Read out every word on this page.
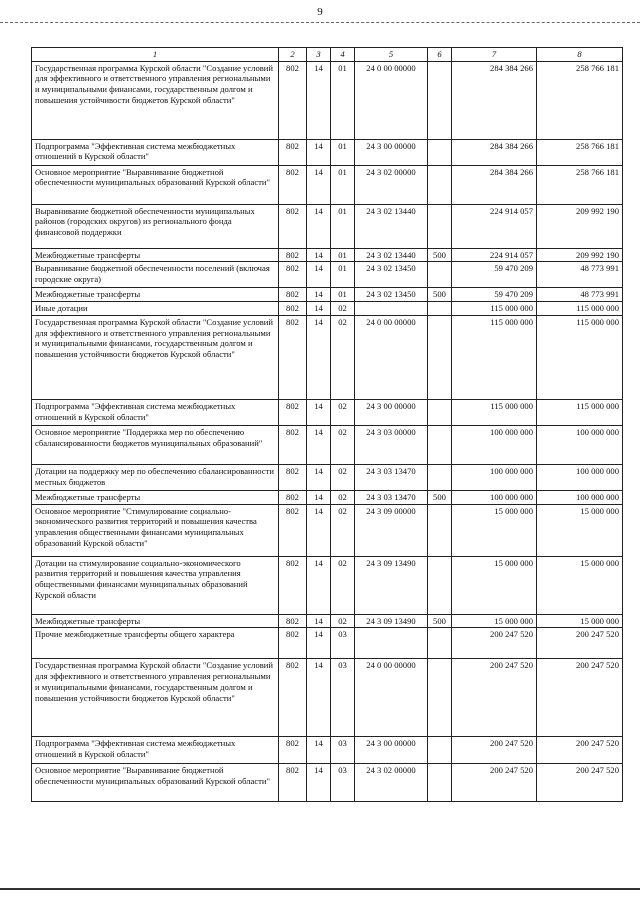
9
1	2	3	4	5	6	7	8
Государственная программа Курской области "Создание условий для эффективного и ответственного управления региональными и муниципальными финансами, государственным долгом и повышения устойчивости бюджетов Курской области"	802	14	01	24 0 00 00000		284 384 266	258 766 181
Подпрограмма "Эффективная система межбюджетных отношений в Курской области"	802	14	01	24 3 00 00000		284 384 266	258 766 181
Основное мероприятие "Выравнивание бюджетной обеспеченности муниципальных образований Курской области"	802	14	01	24 3 02 00000		284 384 266	258 766 181
Выравнивание бюджетной обеспеченности муниципальных районов (городских округов) из регионального фонда финансовой поддержки	802	14	01	24 3 02 13440		224 914 057	209 992 190
Межбюджетные трансферты	802	14	01	24 3 02 13440	500	224 914 057	209 992 190
Выравнивание бюджетной обеспеченности поселений (включая городские округа)	802	14	01	24 3 02 13450		59 470 209	48 773 991
Межбюджетные трансферты	802	14	01	24 3 02 13450	500	59 470 209	48 773 991
Иные дотации	802	14	02			115 000 000	115 000 000
Государственная программа Курской области "Создание условий для эффективного и ответственного управления региональными и муниципальными финансами, государственным долгом и повышения устойчивости бюджетов Курской области"	802	14	02	24 0 00 00000		115 000 000	115 000 000
Подпрограмма "Эффективная система межбюджетных отношений в Курской области"	802	14	02	24 3 00 00000		115 000 000	115 000 000
Основное мероприятие "Поддержка мер по обеспечению сбалансированности бюджетов муниципальных образований"	802	14	02	24 3 03 00000		100 000 000	100 000 000
Дотации на поддержку мер по обеспечению сбалансированности местных бюджетов	802	14	02	24 3 03 13470		100 000 000	100 000 000
Межбюджетные трансферты	802	14	02	24 3 03 13470	500	100 000 000	100 000 000
Основное мероприятие "Стимулирование социально-экономического развития территорий и повышения качества управления общественными финансами муниципальных образований Курской области"	802	14	02	24 3 09 00000		15 000 000	15 000 000
Дотации на стимулирование социально-экономического развития территорий и повышения качества управления общественными финансами муниципальных образований Курской области	802	14	02	24 3 09 13490		15 000 000	15 000 000
Межбюджетные трансферты	802	14	02	24 3 09 13490	500	15 000 000	15 000 000
Прочие межбюджетные трансферты общего характера	802	14	03			200 247 520	200 247 520
Государственная программа Курской области "Создание условий для эффективного и ответственного управления региональными и муниципальными финансами, государственным долгом и повышения устойчивости бюджетов Курской области"	802	14	03	24 0 00 00000		200 247 520	200 247 520
Подпрограмма "Эффективная система межбюджетных отношений в Курской области"	802	14	03	24 3 00 00000		200 247 520	200 247 520
Основное мероприятие "Выравнивание бюджетной обеспеченности муниципальных образований Курской области"	802	14	03	24 3 02 00000		200 247 520	200 247 520
